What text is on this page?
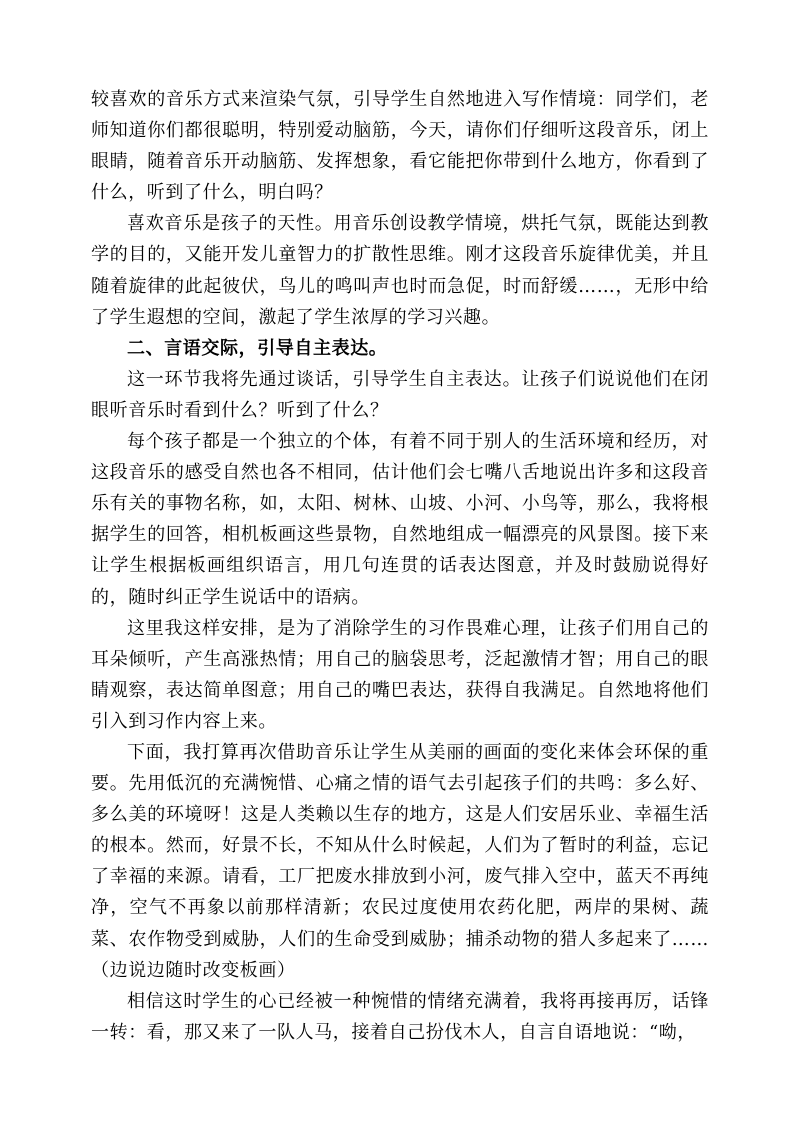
较喜欢的音乐方式来渲染气氛，引导学生自然地进入写作情境：同学们，老师知道你们都很聪明，特别爱动脑筋，今天，请你们仔细听这段音乐，闭上眼睛，随着音乐开动脑筋、发挥想象，看它能把你带到什么地方，你看到了什么，听到了什么，明白吗？

喜欢音乐是孩子的天性。用音乐创设教学情境，烘托气氛，既能达到教学的目的，又能开发儿童智力的扩散性思维。刚才这段音乐旋律优美，并且随着旋律的此起彼伏，鸟儿的鸣叫声也时而急促，时而舒缓……，无形中给了学生遐想的空间，激起了学生浓厚的学习兴趣。

二、言语交际，引导自主表达。

这一环节我将先通过谈话，引导学生自主表达。让孩子们说说他们在闭眼听音乐时看到什么？听到了什么？

每个孩子都是一个独立的个体，有着不同于别人的生活环境和经历，对这段音乐的感受自然也各不相同，估计他们会七嘴八舌地说出许多和这段音乐有关的事物名称，如，太阳、树林、山坡、小河、小鸟等，那么，我将根据学生的回答，相机板画这些景物，自然地组成一幅漂亮的风景图。接下来让学生根据板画组织语言，用几句连贯的话表达图意，并及时鼓励说得好的，随时纠正学生说话中的语病。

这里我这样安排，是为了消除学生的习作畏难心理，让孩子们用自己的耳朵倾听，产生高涨热情；用自己的脑袋思考，泛起激情才智；用自己的眼睛观察，表达简单图意；用自己的嘴巴表达，获得自我满足。自然地将他们引入到习作内容上来。

下面，我打算再次借助音乐让学生从美丽的画面的变化来体会环保的重要。先用低沉的充满惋惜、心痛之情的语气去引起孩子们的共鸣：多么好、多么美的环境呀！这是人类赖以生存的地方，这是人们安居乐业、幸福生活的根本。然而，好景不长，不知从什么时候起，人们为了暂时的利益，忘记了幸福的来源。请看，工厂把废水排放到小河，废气排入空中，蓝天不再纯净，空气不再象以前那样清新；农民过度使用农药化肥，两岸的果树、蔬菜、农作物受到威胁，人们的生命受到威胁；捕杀动物的猎人多起来了……（边说边随时改变板画）

相信这时学生的心已经被一种惋惜的情绪充满着，我将再接再厉，话锋一转：看，那又来了一队人马，接着自己扮伐木人，自言自语地说：“呦，
